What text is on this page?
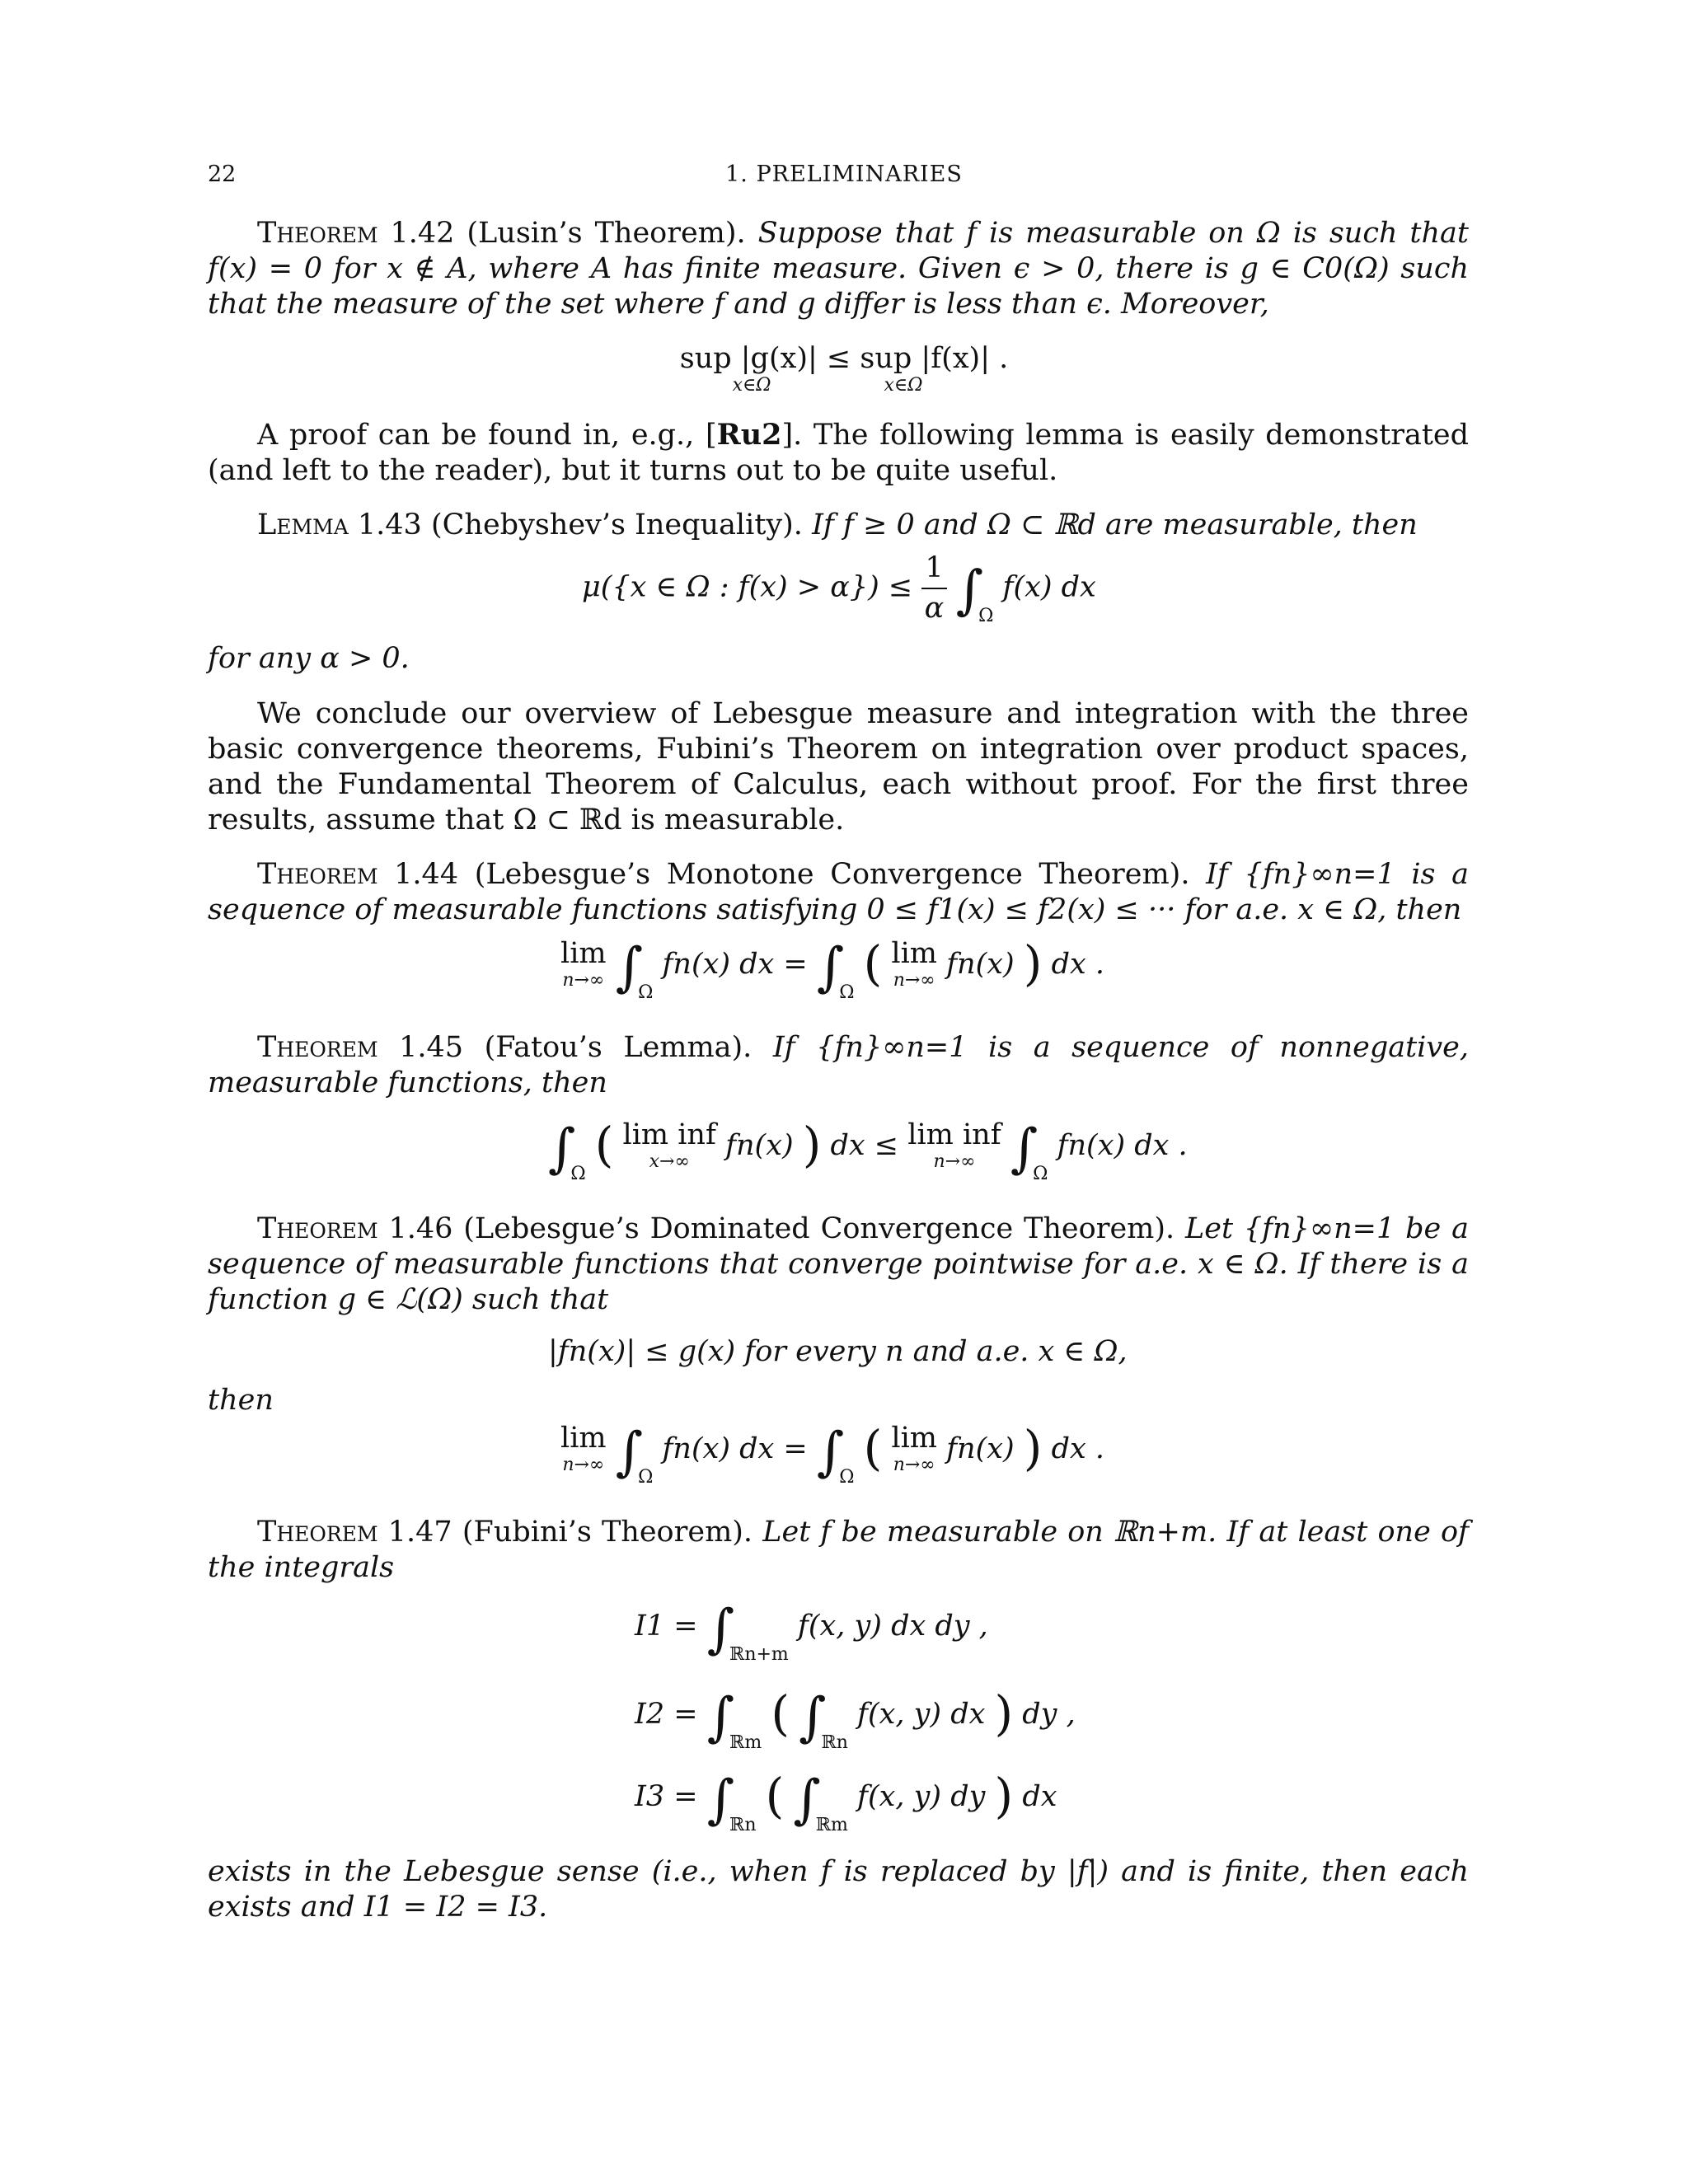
22	1. PRELIMINARIES
Theorem 1.42 (Lusin’s Theorem). Suppose that f is measurable on Ω is such that f(x) = 0 for x ∉ A, where A has finite measure. Given ϵ > 0, there is g ∈ C0(Ω) such that the measure of the set where f and g differ is less than ϵ. Moreover,
sup |g(x)| ≤ sup |f(x)| .
x∈Ω	x∈Ω
A proof can be found in, e.g., [Ru2]. The following lemma is easily demonstrated (and left to the reader), but it turns out to be quite useful.
Lemma 1.43 (Chebyshev’s Inequality). If f ≥ 0 and Ω ⊂ ℝd are measurable, then
μ({x ∈ Ω : $f(x) > \alpha\}) \le \frac{1}{\alpha} \int_\Omega$ f(x) dx
for any α > 0.
We conclude our overview of Lebesgue measure and integration with the three basic convergence theorems, Fubini’s Theorem on integration over product spaces, and the Fundamental Theorem of Calculus, each without proof. For the first three results, assume that Ω ⊂ ℝd is measurable.
Theorem 1.44 (Lebesgue’s Monotone Convergence Theorem). If {fn}∞n=1 is a sequence of measurable functions satisfying 0 ≤ f1(x) ≤ f2(x) ≤ ··· for a.e. x ∈ Ω, then
lim
n→∞ $\int_\Omega$ fn(x) dx = $\int_\Omega$ ( lim
n→∞ fn(x) ) dx .
Theorem 1.45 (Fatou’s Lemma). If {fn}∞n=1 is a sequence of nonnegative, measurable functions, then
$\int_\Omega$ ( lim inf
x→∞	fn(x) ) dx ≤ lim inf
n→∞ $\int_\Omega$ fn(x) dx .
Theorem 1.46 (Lebesgue’s Dominated Convergence Theorem). Let {fn}∞n=1 be a sequence of measurable functions that converge pointwise for a.e. x ∈ Ω. If there is a function g ∈ ℒ(Ω) such that
|fn(x)| ≤ g(x) for every n and a.e. x ∈ Ω,
then
lim
n→∞ $\int_\Omega$ fn(x) dx = $\int_\Omega$ ( lim
n→∞ fn(x) ) dx .
Theorem 1.47 (Fubini’s Theorem). Let f be measurable on ℝn+m. If at least one of the integrals
$I1 = \int_{ℝn+m}$ f(x, y) dx dy ,
$I2 = \int_{ℝm}$ ( $\int_{ℝn}$ f(x, y) dx ) dy ,
$I3 = \int_{ℝn}$ ( $\int_{ℝm}$ f(x, y) dy ) dx
exists in the Lebesgue sense (i.e., when f is replaced by |f|) and is finite, then each exists and I1 = I2 = I3.
